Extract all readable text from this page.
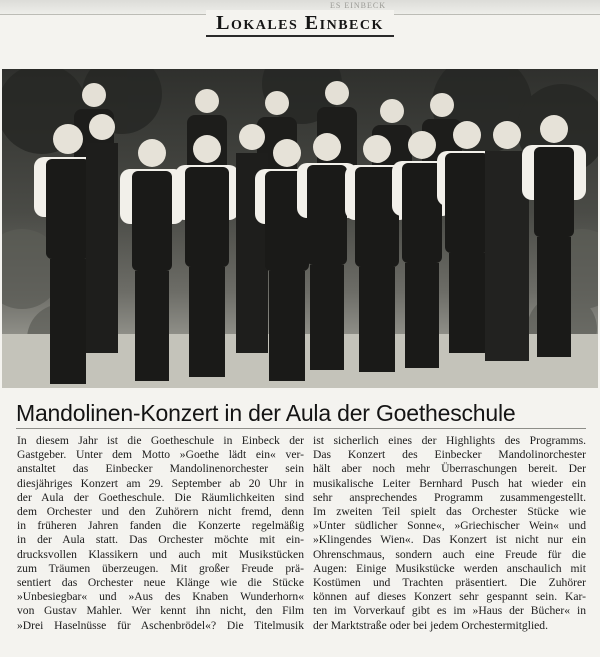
ES EINBECK
Lokales Einbeck
Mandolinen-Konzert in der Aula der Goetheschule
In diesem Jahr ist die Goetheschule in Einbeck der
Gastgeber. Unter dem Motto »Goethe lädt ein« ver-
anstaltet das Einbecker Mandolinenorchester sein
diesjähriges Konzert am 29. September ab 20 Uhr in
der Aula der Goetheschule. Die Räumlichkeiten sind
dem Orchester und den Zuhörern nicht fremd, denn
in früheren Jahren fanden die Konzerte regelmäßig
in der Aula statt. Das Orchester möchte mit ein-
drucksvollen Klassikern und auch mit Musikstücken
zum Träumen überzeugen. Mit großer Freude prä-
sentiert das Orchester neue Klänge wie die Stücke
»Unbesiegbar« und »Aus des Knaben Wunderhorn«
von Gustav Mahler. Wer kennt ihn nicht, den Film
»Drei Haselnüsse für Aschenbrödel«? Die Titelmusik
ist sicherlich eines der Highlights des Programms.
Das Konzert des Einbecker Mandolinorchester
hält aber noch mehr Überraschungen bereit. Der
musikalische Leiter Bernhard Pusch hat wieder ein
sehr ansprechendes Programm zusammengestellt.
Im zweiten Teil spielt das Orchester Stücke wie
»Unter südlicher Sonne«, »Griechischer Wein« und
»Klingendes Wien«. Das Konzert ist nicht nur ein
Ohrenschmaus, sondern auch eine Freude für die
Augen: Einige Musikstücke werden anschaulich mit
Kostümen und Trachten präsentiert. Die Zuhörer
können auf dieses Konzert sehr gespannt sein. Kar-
ten im Vorverkauf gibt es im »Haus der Bücher« in
der Marktstraße oder bei jedem Orchestermitglied.
